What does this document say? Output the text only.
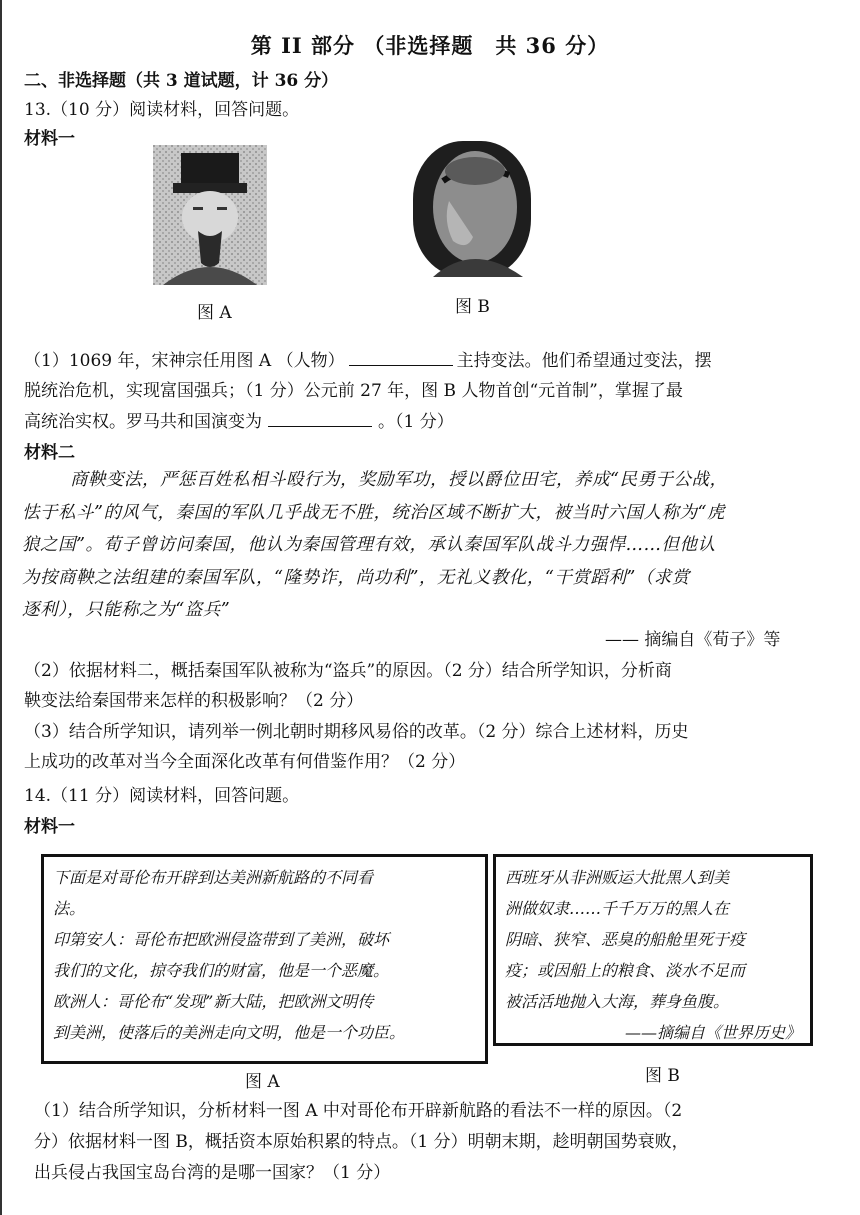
第 II 部分 （非选择题　共 36 分）
二、非选择题（共 3 道试题，计 36 分）
13.（10 分）阅读材料，回答问题。
材料一
图 A	图 B
（1）1069 年，宋神宗任用图 A （人物）	主持变法。他们希望通过变法，摆
脱统治危机，实现富国强兵；（1 分）公元前 27 年，图 B 人物首创“元首制”，掌握了最
高统治实权。罗马共和国演变为	。（1 分）
材料二
商鞅变法，严惩百姓私相斗殴行为，奖励军功，授以爵位田宅，养成“民勇于公战，
怯于私斗”的风气，秦国的军队几乎战无不胜，统治区域不断扩大，被当时六国人称为“虎
狼之国”。荀子曾访问秦国，他认为秦国管理有效，承认秦国军队战斗力强悍……但他认
为按商鞅之法组建的秦国军队，“隆势诈，尚功利”，无礼义教化，“干赏蹈利”（求赏
逐利），只能称之为“盗兵”
—— 摘编自《荀子》等
（2）依据材料二，概括秦国军队被称为“盗兵”的原因。（2 分）结合所学知识，分析商
鞅变法给秦国带来怎样的积极影响？（2 分）
（3）结合所学知识，请列举一例北朝时期移风易俗的改革。（2 分）综合上述材料，历史
上成功的改革对当今全面深化改革有何借鉴作用？（2 分）
14.（11 分）阅读材料，回答问题。
材料一
下面是对哥伦布开辟到达美洲新航路的不同看
法。
印第安人：哥伦布把欧洲侵盗带到了美洲，破坏
我们的文化，掠夺我们的财富，他是一个恶魔。
欧洲人：哥伦布“发现”新大陆，把欧洲文明传
到美洲，使落后的美洲走向文明，他是一个功臣。
西班牙从非洲贩运大批黑人到美
洲做奴隶……千千万万的黑人在
阴暗、狭窄、恶臭的船舱里死于疫
疫；或因船上的粮食、淡水不足而
被活活地抛入大海，葬身鱼腹。
——摘编自《世界历史》
图 A	图 B
（1）结合所学知识，分析材料一图 A 中对哥伦布开辟新航路的看法不一样的原因。（2
分）依据材料一图 B，概括资本原始积累的特点。（1 分）明朝末期，趁明朝国势衰败，
出兵侵占我国宝岛台湾的是哪一国家？（1 分）
